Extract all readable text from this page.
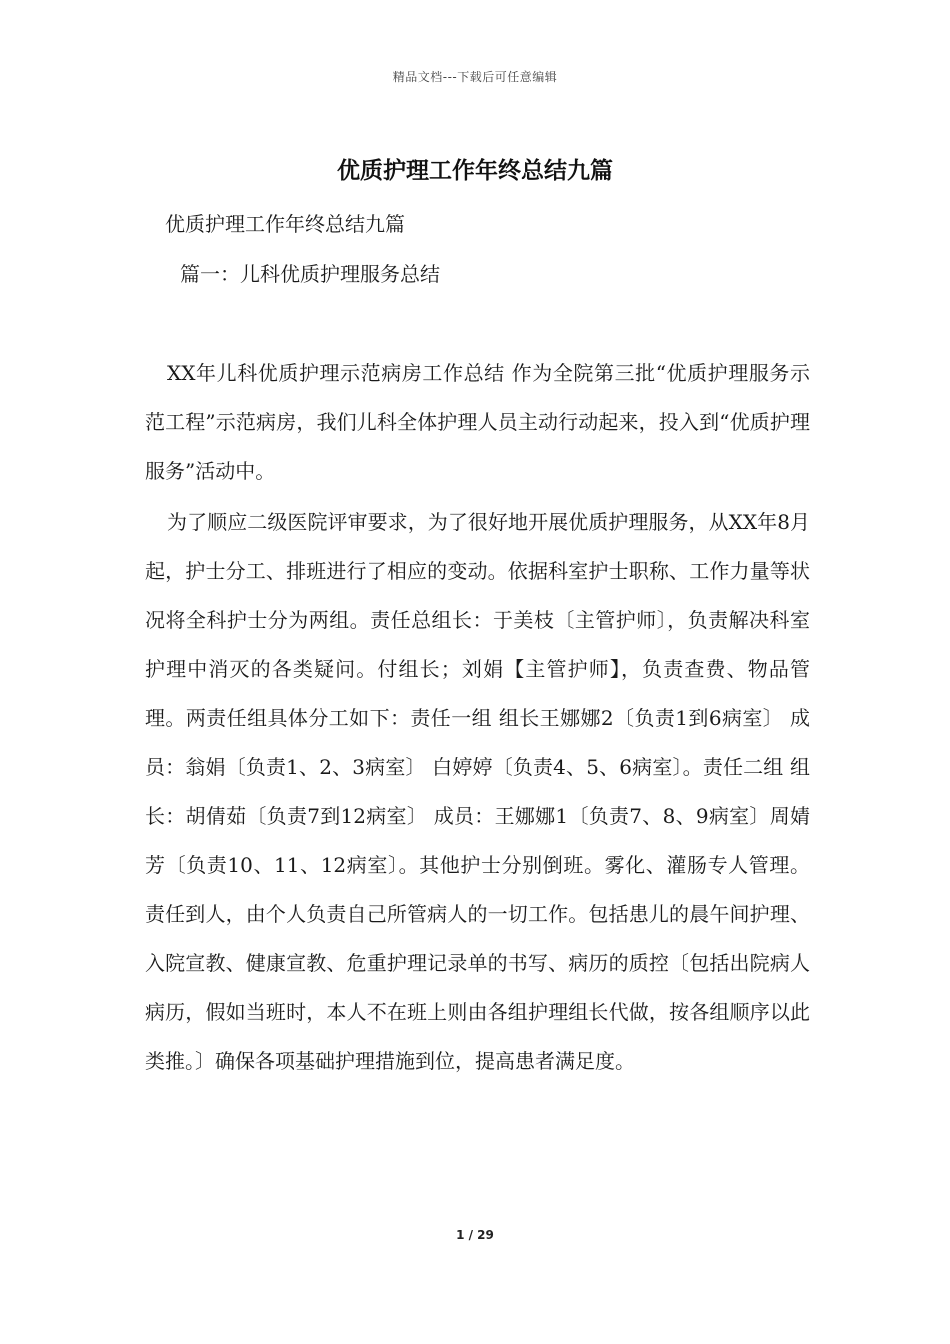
精品文档---下载后可任意编辑
优质护理工作年终总结九篇

优质护理工作年终总结九篇

篇一：儿科优质护理服务总结

XX年儿科优质护理示范病房工作总结 作为全院第三批“优质护理服务示范工程”示范病房，我们儿科全体护理人员主动行动起来，投入到“优质护理服务”活动中。

为了顺应二级医院评审要求，为了很好地开展优质护理服务，从XX年8月起，护士分工、排班进行了相应的变动。依据科室护士职称、工作力量等状况将全科护士分为两组。责任总组长：于美枝〔主管护师〕，负责解决科室护理中消灭的各类疑问。付组长；刘娟【主管护师】，负责查费、物品管理。两责任组具体分工如下：责任一组 组长王娜娜2〔负责1到6病室〕 成员：翁娟〔负责1、2、3病室〕 白婷婷〔负责4、5、6病室〕。责任二组 组长：胡倩茹〔负责7到12病室〕 成员：王娜娜1〔负责7、8、9病室〕周婧芳〔负责10、11、12病室〕。其他护士分别倒班。雾化、灌肠专人管理。 责任到人，由个人负责自己所管病人的一切工作。包括患儿的晨午间护理、入院宣教、健康宣教、危重护理记录单的书写、病历的质控〔包括出院病人病历，假如当班时，本人不在班上则由各组护理组长代做，按各组顺序以此类推。〕确保各项基础护理措施到位，提高患者满足度。

1 / 29
